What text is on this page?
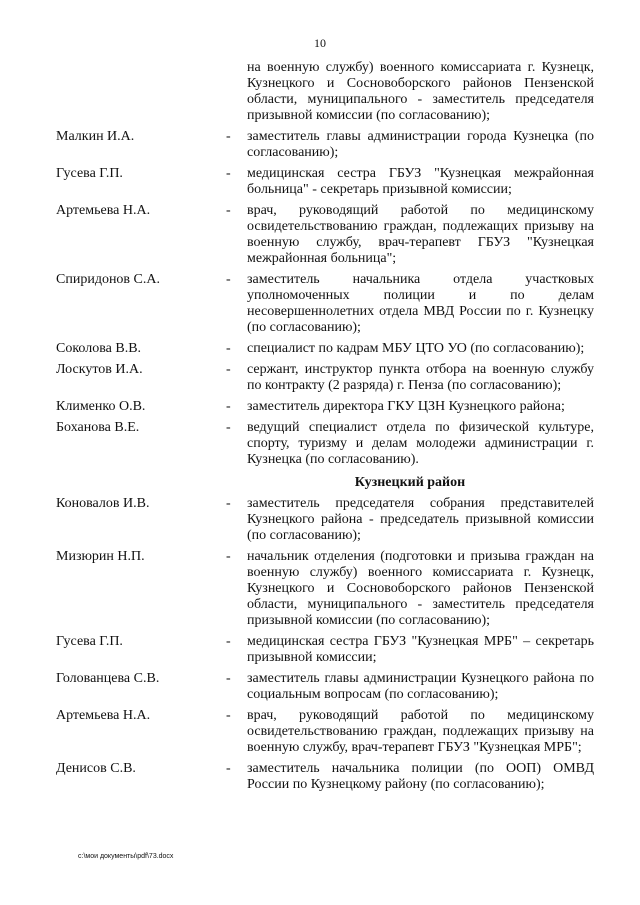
10
на военную службу) военного комиссариата г. Кузнецк, Кузнецкого и Сосновоборского районов Пензенской области, муниципального - заместитель председателя призывной комиссии (по согласованию);
Малкин И.А.	-	заместитель главы администрации города Кузнецка (по согласованию);
Гусева Г.П.	-	медицинская сестра ГБУЗ "Кузнецкая межрайонная больница" - секретарь призывной комиссии;
Артемьева Н.А.	-	врач, руководящий работой по медицинскому освидетельствованию граждан, подлежащих призыву на военную службу, врач-терапевт ГБУЗ "Кузнецкая межрайонная больница";
Спиридонов С.А.	-	заместитель начальника отдела участковых уполномоченных полиции и по делам несовершеннолетних отдела МВД России по г. Кузнецку (по согласованию);
Соколова В.В.	-	специалист по кадрам МБУ ЦТО УО (по согласованию);
Лоскутов И.А.	-	сержант, инструктор пункта отбора на военную службу по контракту (2 разряда) г. Пенза (по согласованию);
Клименко О.В.	-	заместитель директора ГКУ ЦЗН Кузнецкого района;
Боханова В.Е.	-	ведущий специалист отдела по физической культуре, спорту, туризму и делам молодежи администрации г. Кузнецка (по согласованию).
Кузнецкий район
Коновалов И.В.	-	заместитель председателя собрания представителей Кузнецкого района - председатель призывной комиссии (по согласованию);
Мизюрин Н.П.	-	начальник отделения (подготовки и призыва граждан на военную службу) военного комиссариата г. Кузнецк, Кузнецкого и Сосновоборского районов Пензенской области, муниципального - заместитель председателя призывной комиссии (по согласованию);
Гусева Г.П.	-	медицинская сестра ГБУЗ "Кузнецкая МРБ" – секретарь призывной комиссии;
Голованцева С.В.	-	заместитель главы администрации Кузнецкого района по социальным вопросам (по согласованию);
Артемьева Н.А.	-	врач, руководящий работой по медицинскому освидетельствованию граждан, подлежащих призыву на военную службу, врач-терапевт ГБУЗ "Кузнецкая МРБ";
Денисов С.В.	-	заместитель начальника полиции (по ООП) ОМВД России по Кузнецкому району (по согласованию);
c:\мои документы\pdf\73.docx
